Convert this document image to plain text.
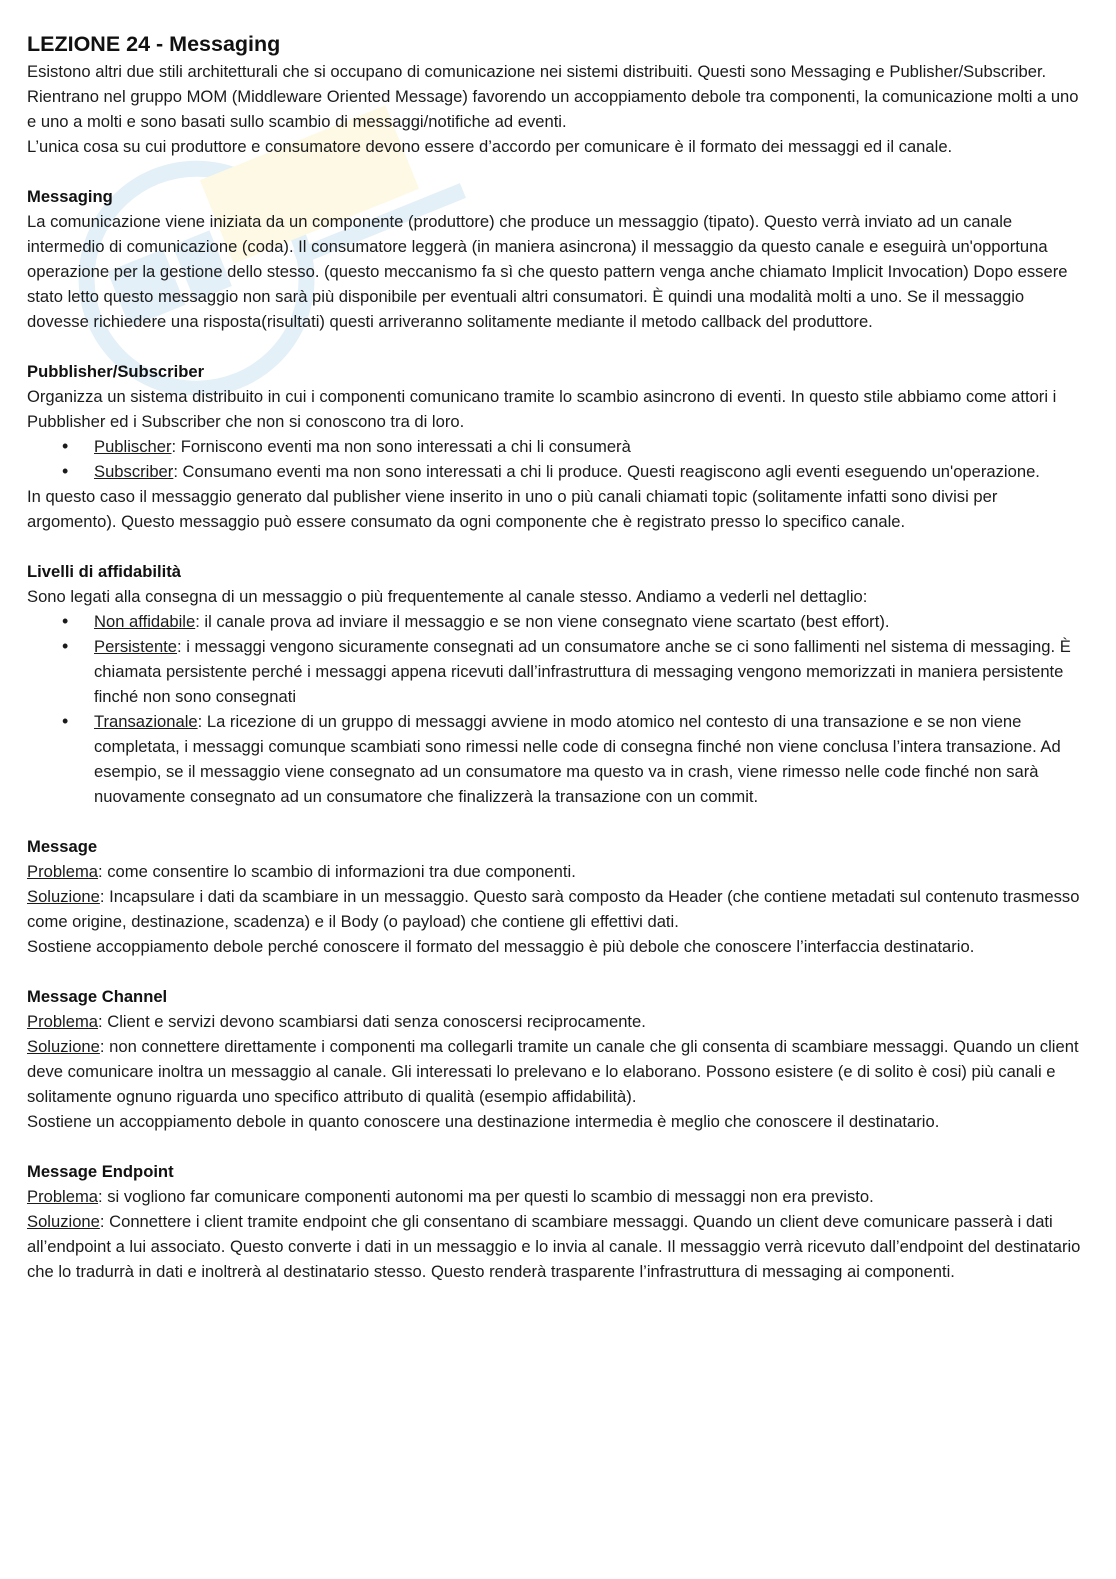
LEZIONE 24 - Messaging

Esistono altri due stili architetturali che si occupano di comunicazione nei sistemi distribuiti. Questi sono Messaging e Publisher/Subscriber. Rientrano nel gruppo MOM (Middleware Oriented Message) favorendo un accoppiamento debole tra componenti, la comunicazione molti a uno e uno a molti e sono basati sullo scambio di messaggi/notifiche ad eventi.

L’unica cosa su cui produttore e consumatore devono essere d’accordo per comunicare è il formato dei messaggi ed il canale.

Messaging

La comunicazione viene iniziata da un componente (produttore) che produce un messaggio (tipato). Questo verrà inviato ad un canale intermedio di comunicazione (coda). Il consumatore leggerà (in maniera asincrona) il messaggio da questo canale e eseguirà un'opportuna operazione per la gestione dello stesso. (questo meccanismo fa sì che questo pattern venga anche chiamato Implicit Invocation) Dopo essere stato letto questo messaggio non sarà più disponibile per eventuali altri consumatori. È quindi una modalità molti a uno. Se il messaggio dovesse richiedere una risposta(risultati) questi arriveranno solitamente mediante il metodo callback del produttore.

Pubblisher/Subscriber

Organizza un sistema distribuito in cui i componenti comunicano tramite lo scambio asincrono di eventi. In questo stile abbiamo come attori i Pubblisher ed i Subscriber che non si conoscono tra di loro.

• Publischer: Forniscono eventi ma non sono interessati a chi li consumerà
• Subscriber: Consumano eventi ma non sono interessati a chi li produce. Questi reagiscono agli eventi eseguendo un'operazione.

In questo caso il messaggio generato dal publisher viene inserito in uno o più canali chiamati topic (solitamente infatti sono divisi per argomento). Questo messaggio può essere consumato da ogni componente che è registrato presso lo specifico canale.

Livelli di affidabilità

Sono legati alla consegna di un messaggio o più frequentemente al canale stesso. Andiamo a vederli nel dettaglio:

• Non affidabile: il canale prova ad inviare il messaggio e se non viene consegnato viene scartato (best effort).
• Persistente: i messaggi vengono sicuramente consegnati ad un consumatore anche se ci sono fallimenti nel sistema di messaging. È chiamata persistente perché i messaggi appena ricevuti dall’infrastruttura di messaging vengono memorizzati in maniera persistente finché non sono consegnati
• Transazionale: La ricezione di un gruppo di messaggi avviene in modo atomico nel contesto di una transazione e se non viene completata, i messaggi comunque scambiati sono rimessi nelle code di consegna finché non viene conclusa l’intera transazione. Ad esempio, se il messaggio viene consegnato ad un consumatore ma questo va in crash, viene rimesso nelle code finché non sarà nuovamente consegnato ad un consumatore che finalizzerà la transazione con un commit.
Message

Problema: come consentire lo scambio di informazioni tra due componenti.

Soluzione: Incapsulare i dati da scambiare in un messaggio. Questo sarà composto da Header (che contiene metadati sul contenuto trasmesso come origine, destinazione, scadenza) e il Body (o payload) che contiene gli effettivi dati.

Sostiene accoppiamento debole perché conoscere il formato del messaggio è più debole che conoscere l’interfaccia destinatario.

Message Channel

Problema: Client e servizi devono scambiarsi dati senza conoscersi reciprocamente.

Soluzione: non connettere direttamente i componenti ma collegarli tramite un canale che gli consenta di scambiare messaggi. Quando un client deve comunicare inoltra un messaggio al canale. Gli interessati lo prelevano e lo elaborano. Possono esistere (e di solito è cosi) più canali e solitamente ognuno riguarda uno specifico attributo di qualità (esempio affidabilità).

Sostiene un accoppiamento debole in quanto conoscere una destinazione intermedia è meglio che conoscere il destinatario.

Message Endpoint

Problema: si vogliono far comunicare componenti autonomi ma per questi lo scambio di messaggi non era previsto.

Soluzione: Connettere i client tramite endpoint che gli consentano di scambiare messaggi. Quando un client deve comunicare passerà i dati all’endpoint a lui associato. Questo converte i dati in un messaggio e lo invia al canale. Il messaggio verrà ricevuto dall’endpoint del destinatario che lo tradurrà in dati e inoltrerà al destinatario stesso. Questo renderà trasparente l’infrastruttura di messaging ai componenti.
